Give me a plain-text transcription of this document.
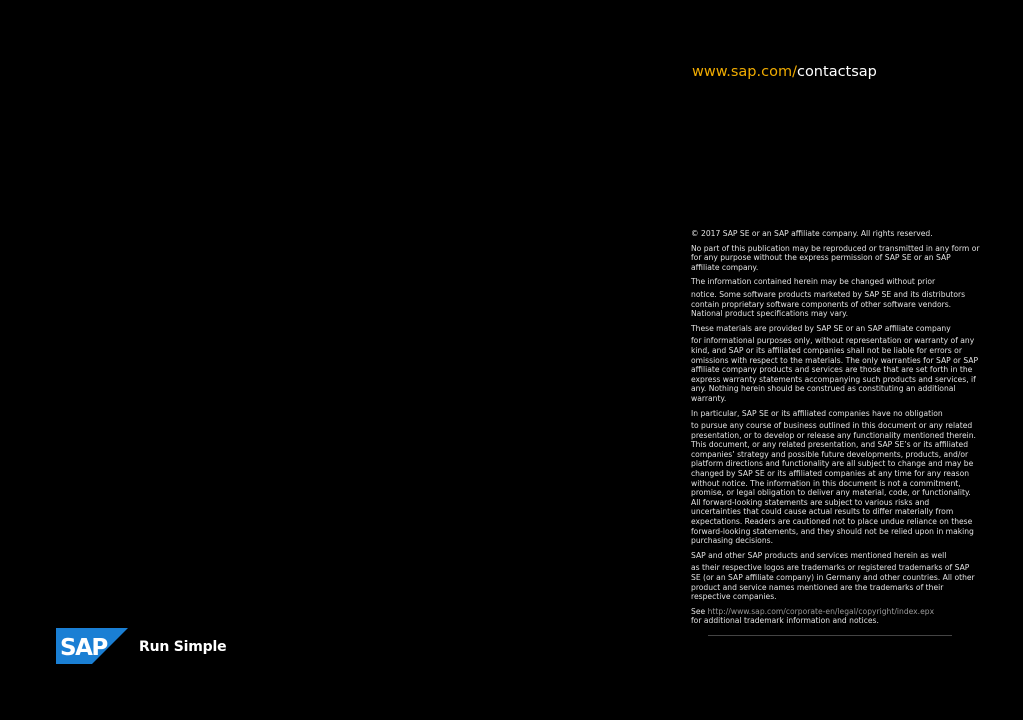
www.sap.com/contactsap

© 2017 SAP SE or an SAP affiliate company. All rights reserved.

No part of this publication may be reproduced or transmitted in any form or for any purpose without the express permission of SAP SE or an SAP affiliate company.

The information contained herein may be changed without prior
notice. Some software products marketed by SAP SE and its distributors contain proprietary software components of other software vendors. National product specifications may vary.

These materials are provided by SAP SE or an SAP affiliate company
for informational purposes only, without representation or warranty of any kind, and SAP or its affiliated companies shall not be liable for errors or omissions with respect to the materials. The only warranties for SAP or SAP affiliate company products and services are those that are set forth in the express warranty statements accompanying such products and services, if any. Nothing herein should be construed as constituting an additional warranty.

In particular, SAP SE or its affiliated companies have no obligation
to pursue any course of business outlined in this document or any related presentation, or to develop or release any functionality mentioned therein. This document, or any related presentation, and SAP SE’s or its affiliated companies’ strategy and possible future developments, products, and/or platform directions and functionality are all subject to change and may be changed by SAP SE or its affiliated companies at any time for any reason without notice. The information in this document is not a commitment, promise, or legal obligation to deliver any material, code, or functionality. All forward-looking statements are subject to various risks and uncertainties that could cause actual results to differ materially from expectations. Readers are cautioned not to place undue reliance on these forward-looking statements, and they should not be relied upon in making purchasing decisions.

SAP and other SAP products and services mentioned herein as well
as their respective logos are trademarks or registered trademarks of SAP SE (or an SAP affiliate company) in Germany and other countries. All other product and service names mentioned are the trademarks of their respective companies.

See http://www.sap.com/corporate-en/legal/copyright/index.epx
for additional trademark information and notices.

SAP Run Simple
